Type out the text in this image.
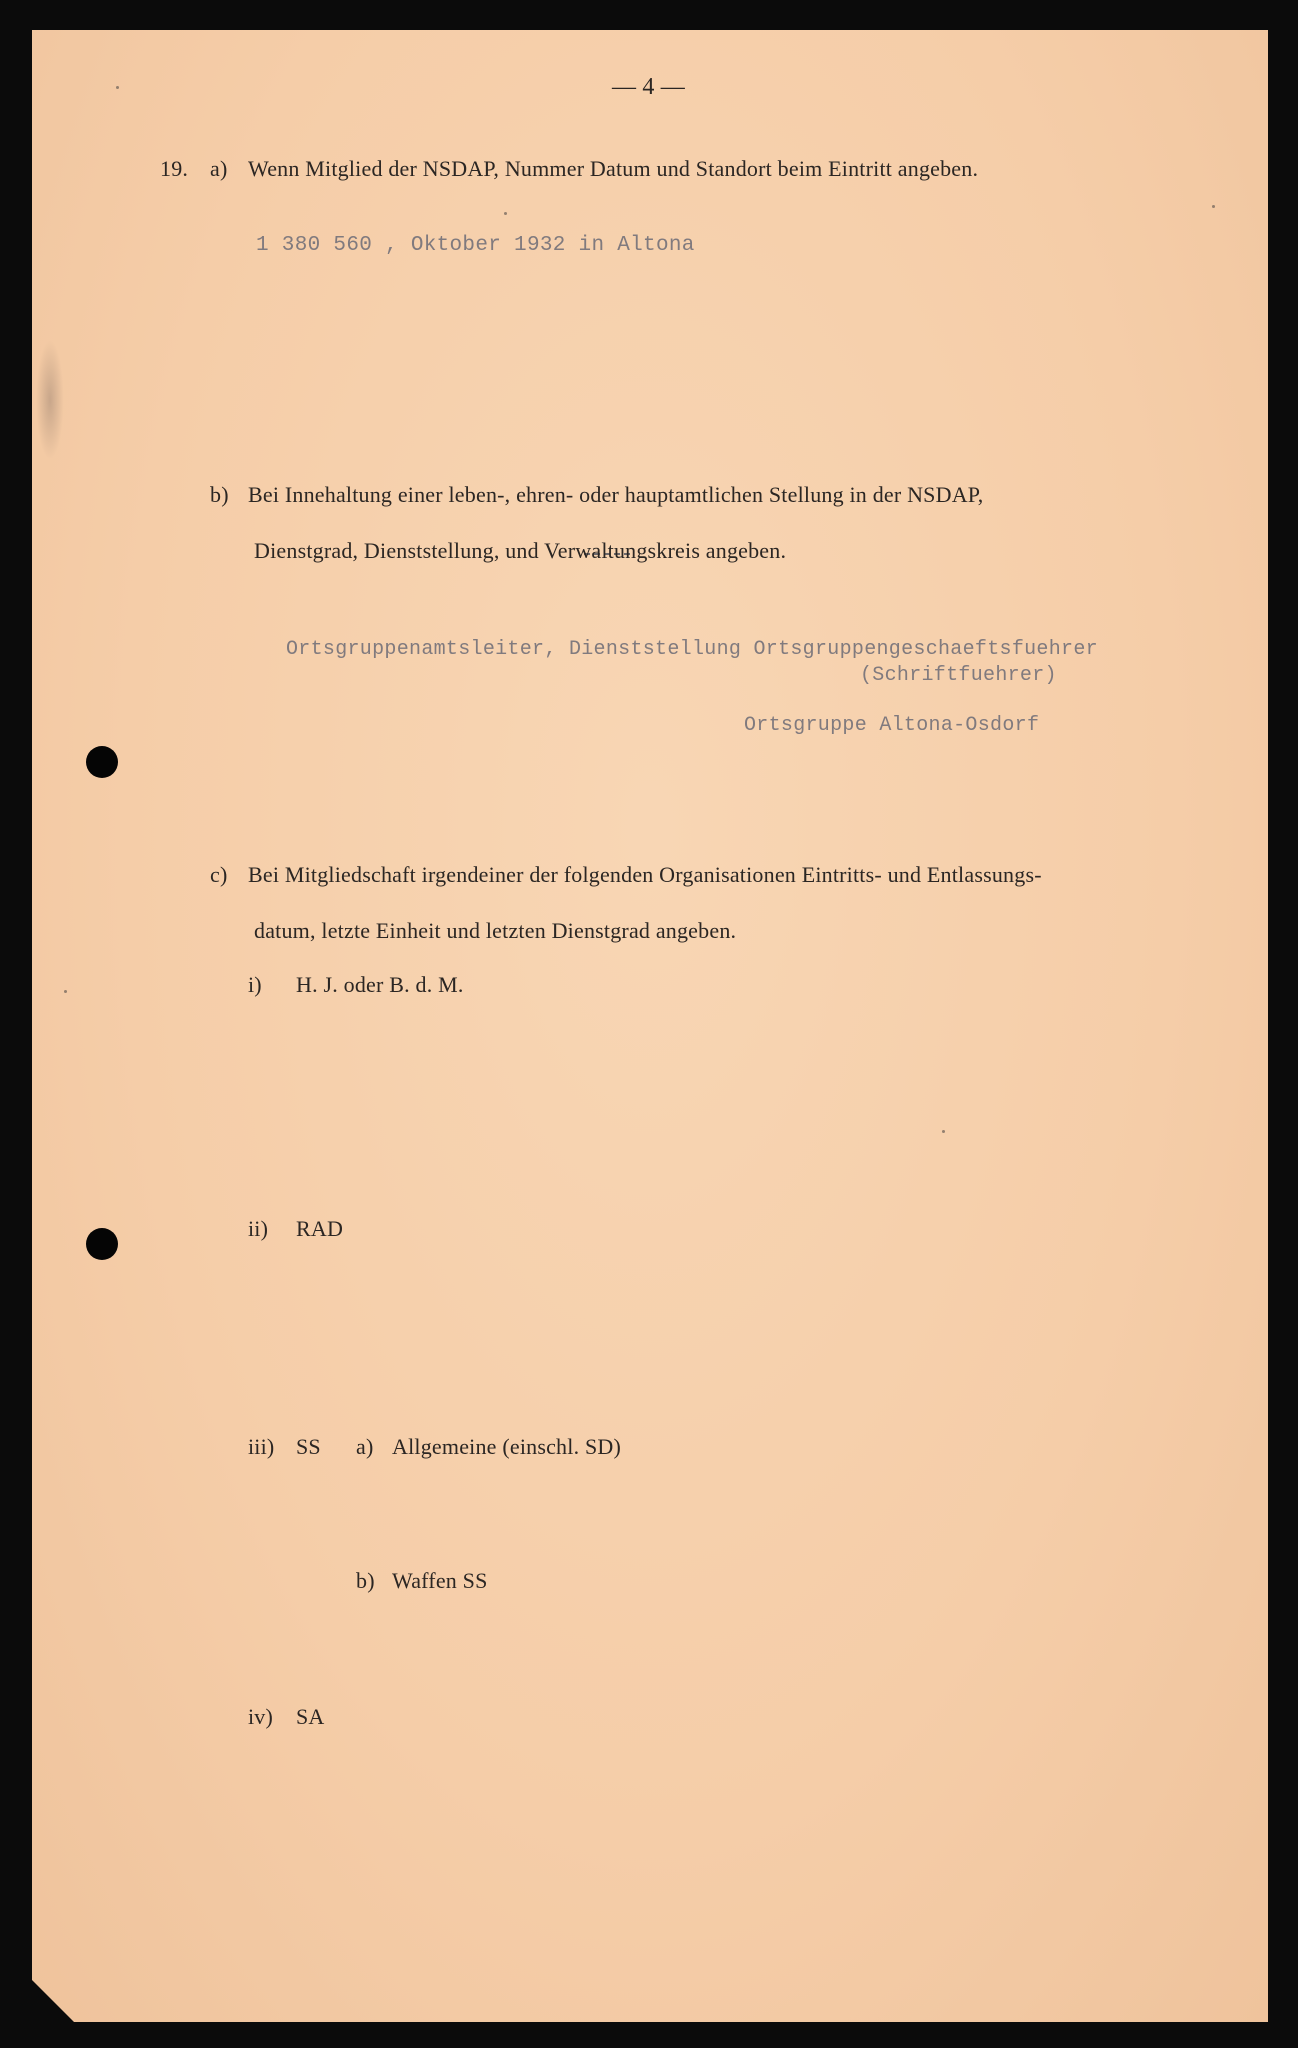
— 4 —
19. a) Wenn Mitglied der NSDAP, Nummer Datum und Standort beim Eintritt angeben.
1 380 560 , Oktober 1932 in Altona
b) Bei Innehaltung einer leben-, ehren- oder hauptamtlichen Stellung in der NSDAP,
Dienstgrad, Dienststellung, und Verwaltungskreis angeben.
Ortsgruppenamtsleiter, Dienststellung Ortsgruppengeschaeftsfuehrer
(Schriftfuehrer)
Ortsgruppe Altona-Osdorf
c) Bei Mitgliedschaft irgendeiner der folgenden Organisationen Eintritts- und Entlassungs-
datum, letzte Einheit und letzten Dienstgrad angeben.
i) H. J. oder B. d. M.
ii) RAD
iii) SS a) Allgemeine (einschl. SD)
b) Waffen SS
iv) SA
